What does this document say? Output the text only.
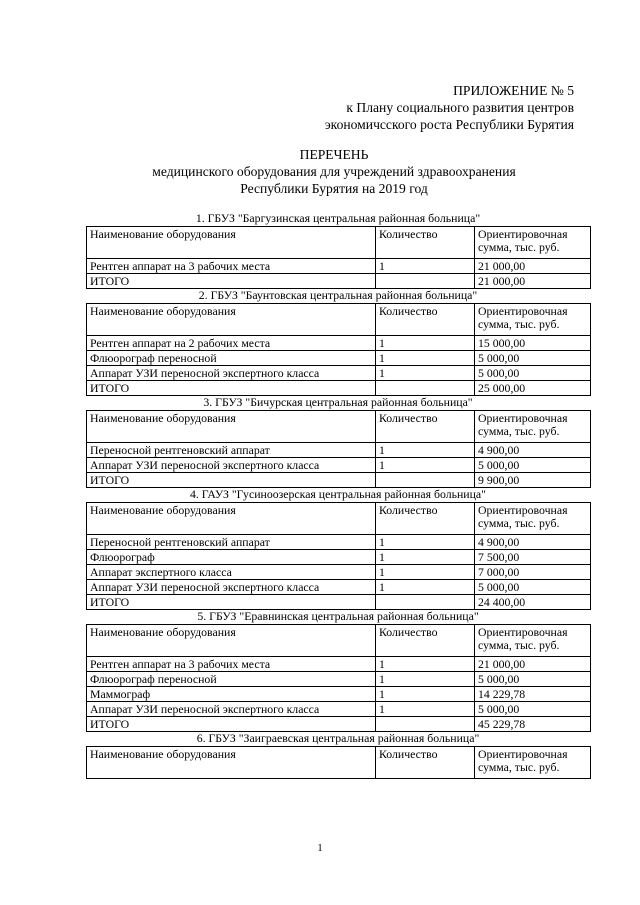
ПРИЛОЖЕНИЕ № 5
к Плану социального развития центров
экономичсского роста Республики Бурятия
ПЕРЕЧЕНЬ
медицинского оборудования для учреждений здравоохранения
Республики Бурятия на 2019 год
1. ГБУЗ "Баргузинская центральная районная больница"
Наименование оборудования	Количество	Ориентировочная сумма, тыс. руб.
Рентген аппарат на 3 рабочих места	1	21 000,00
ИТОГО		21 000,00
2. ГБУЗ "Баунтовская центральная районная больница"
Наименование оборудования	Количество	Ориентировочная сумма, тыс. руб.
Рентген аппарат на 2 рабочих места	1	15 000,00
Флюорограф переносной	1	5 000,00
Аппарат УЗИ переносной экспертного класса	1	5 000,00
ИТОГО		25 000,00
3. ГБУЗ "Бичурская центральная районная больница"
Наименование оборудования	Количество	Ориентировочная сумма, тыс. руб.
Переносной рентгеновский аппарат	1	4 900,00
Аппарат УЗИ переносной экспертного класса	1	5 000,00
ИТОГО		9 900,00
4. ГАУЗ "Гусиноозерская центральная районная больница"
Наименование оборудования	Количество	Ориентировочная сумма, тыс. руб.
Переносной рентгеновский аппарат	1	4 900,00
Флюорограф	1	7 500,00
Аппарат экспертного класса	1	7 000,00
Аппарат УЗИ переносной экспертного класса	1	5 000,00
ИТОГО		24 400,00
5. ГБУЗ "Еравнинская центральная районная больница"
Наименование оборудования	Количество	Ориентировочная сумма, тыс. руб.
Рентген аппарат на 3 рабочих места	1	21 000,00
Флюорограф переносной	1	5 000,00
Маммограф	1	14 229,78
Аппарат УЗИ переносной экспертного класса	1	5 000,00
ИТОГО		45 229,78
6. ГБУЗ "Заиграевская центральная районная больница"
Наименование оборудования	Количество	Ориентировочная сумма, тыс. руб.
1
